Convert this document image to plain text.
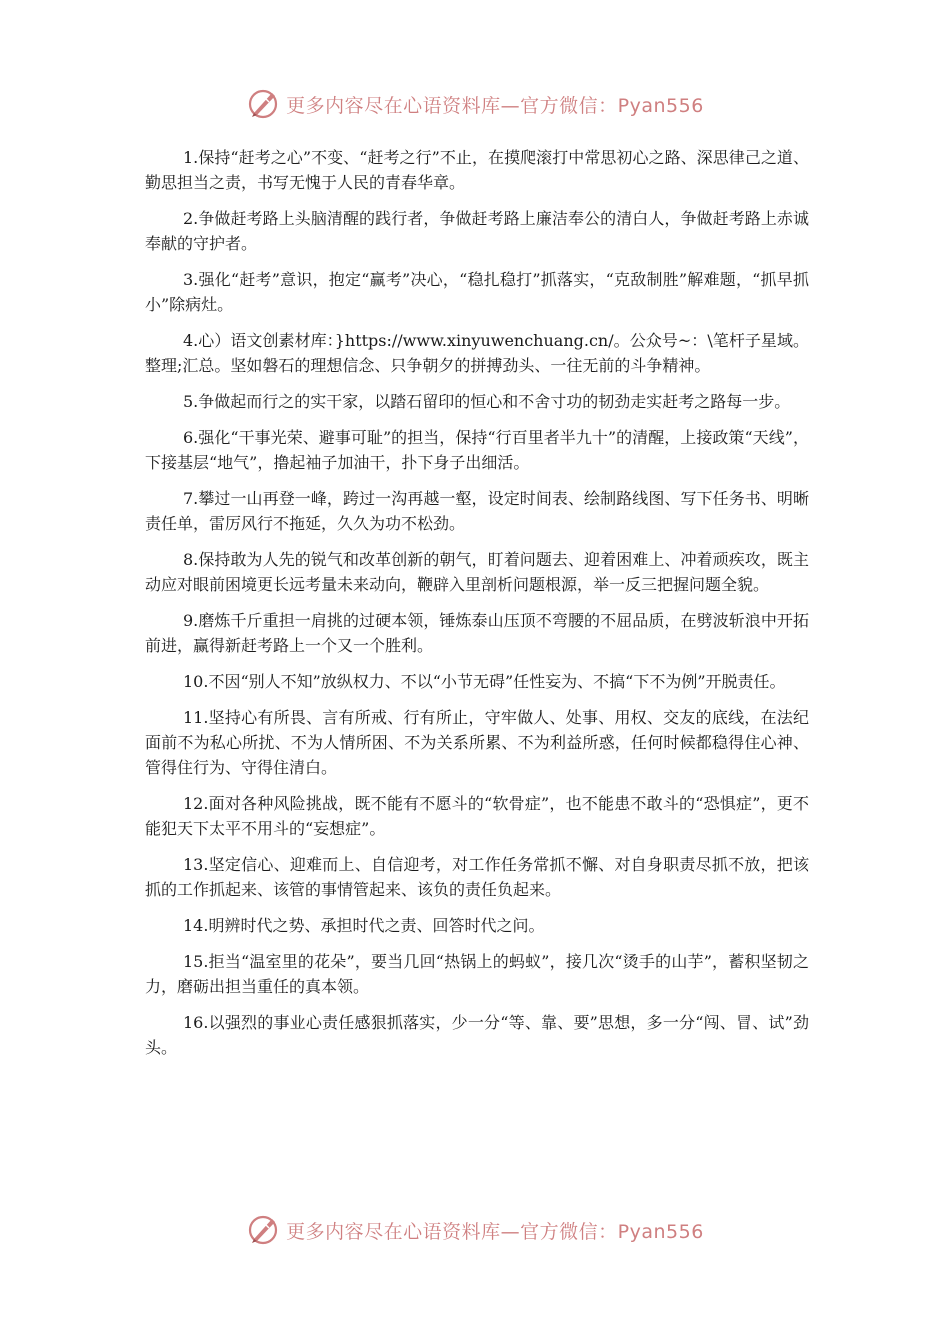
更多内容尽在心语资料库—官方微信：Pyan556

1.保持“赶考之心”不变、“赶考之行”不止，在摸爬滚打中常思初心之路、深思律己之道、勤思担当之责，书写无愧于人民的青春华章。

2.争做赶考路上头脑清醒的践行者，争做赶考路上廉洁奉公的清白人，争做赶考路上赤诚奉献的守护者。

3.强化“赶考”意识，抱定“赢考”决心，“稳扎稳打”抓落实，“克敌制胜”解难题，“抓早抓小”除病灶。

4.心）语文创素材库：}https://www.xinyuwenchuang.cn/。公众号~：\笔杆子星域。整理;汇总。坚如磐石的理想信念、只争朝夕的拼搏劲头、一往无前的斗争精神。

5.争做起而行之的实干家，以踏石留印的恒心和不舍寸功的韧劲走实赶考之路每一步。

6.强化“干事光荣、避事可耻”的担当，保持“行百里者半九十”的清醒，上接政策“天线”，下接基层“地气”，撸起袖子加油干，扑下身子出细活。

7.攀过一山再登一峰，跨过一沟再越一壑，设定时间表、绘制路线图、写下任务书、明晰责任单，雷厉风行不拖延，久久为功不松劲。

8.保持敢为人先的锐气和改革创新的朝气，盯着问题去、迎着困难上、冲着顽疾攻，既主动应对眼前困境更长远考量未来动向，鞭辟入里剖析问题根源，举一反三把握问题全貌。

9.磨炼千斤重担一肩挑的过硬本领，锤炼泰山压顶不弯腰的不屈品质，在劈波斩浪中开拓前进，赢得新赶考路上一个又一个胜利。

10.不因“别人不知”放纵权力、不以“小节无碍”任性妄为、不搞“下不为例”开脱责任。

11.坚持心有所畏、言有所戒、行有所止，守牢做人、处事、用权、交友的底线，在法纪面前不为私心所扰、不为人情所困、不为关系所累、不为利益所惑，任何时候都稳得住心神、管得住行为、守得住清白。

12.面对各种风险挑战，既不能有不愿斗的“软骨症”，也不能患不敢斗的“恐惧症”，更不能犯天下太平不用斗的“妄想症”。

13.坚定信心、迎难而上、自信迎考，对工作任务常抓不懈、对自身职责尽抓不放，把该抓的工作抓起来、该管的事情管起来、该负的责任负起来。

14.明辨时代之势、承担时代之责、回答时代之问。

15.拒当“温室里的花朵”，要当几回“热锅上的蚂蚁”，接几次“烫手的山芋”，蓄积坚韧之力，磨砺出担当重任的真本领。

16.以强烈的事业心责任感狠抓落实，少一分“等、靠、要”思想，多一分“闯、冒、试”劲头。

更多内容尽在心语资料库—官方微信：Pyan556
